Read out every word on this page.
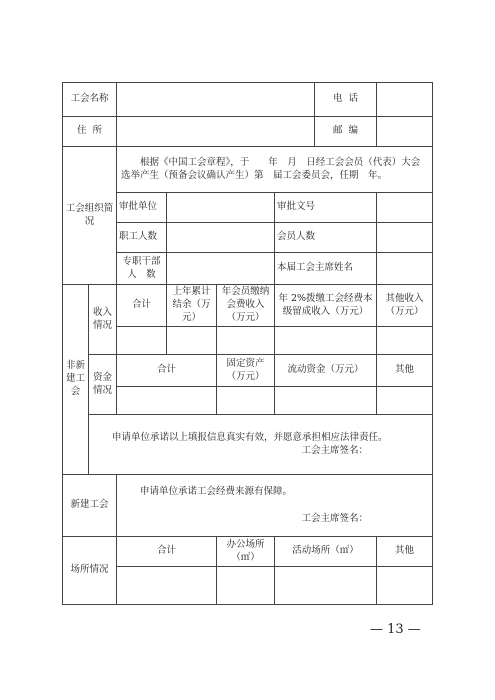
工会名称						电  话	
住  所						邮  编	
工会组织简 况		根据《中国工会章程》，于　　年　月　日经工会会员（代表）大会选举产生（预备会议确认产生）第　届工会委员会，任期　年。					
		审批单位			审批文号		
		职工人数			会员人数		
		专职干部人　数			本届工会主席姓名		
非新建工会	收入情况	合计	上年累计结余（万元）	年会员缴纳会费收入（万元）	年 2%拨缴工会经费本级留成收入（万元）		其他收入（万元）

	资金情况	合计		固定资产（万元）	流动资金（万元）		其他

	申请单位承诺以上填报信息真实有效，并愿意承担相应法律责任。
工会主席签名：						

新建工会		申请单位承诺工会经费来源有保障。
工会主席签名：					

场所情况		合计		办公场所（㎡）	活动场所（㎡）		其他

— 13 —
